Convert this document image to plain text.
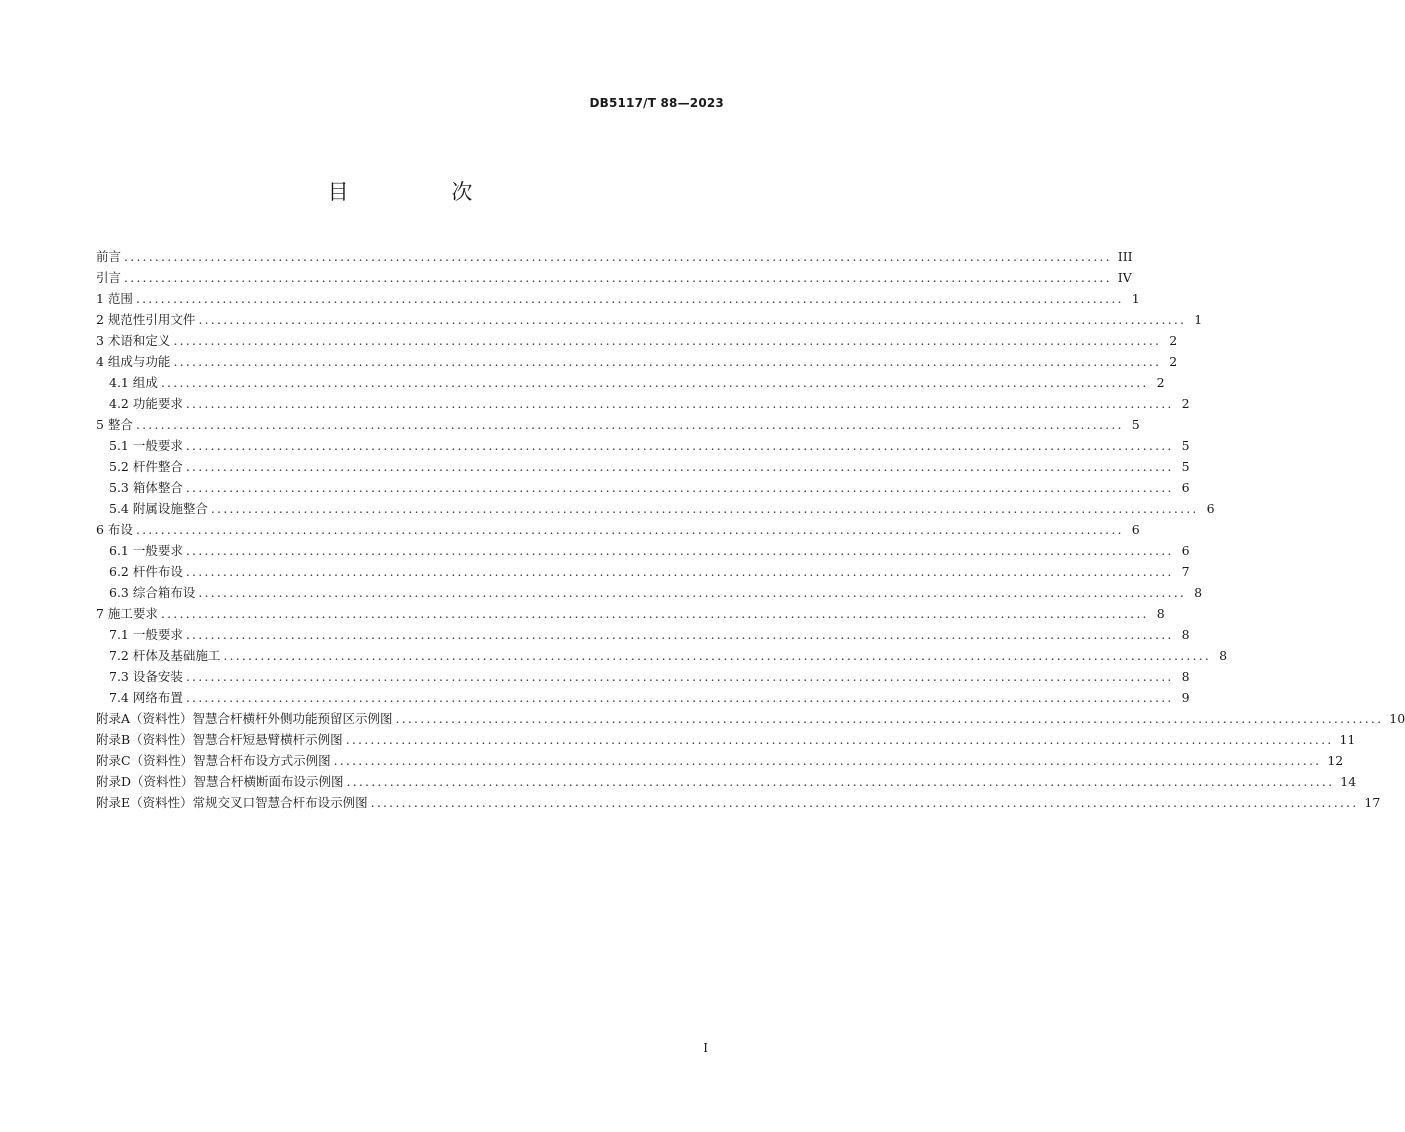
DB5117/T 88—2023
目 次
前言 ................................................................................................................................................................ III
引言 ................................................................................................................................................................ IV
1 范围 ................................................................................................................................................................ 1
2 规范性引用文件 ................................................................................................................................................................ 1
3 术语和定义 ................................................................................................................................................................ 2
4 组成与功能 ................................................................................................................................................................ 2
4.1 组成 ................................................................................................................................................................ 2
4.2 功能要求 ................................................................................................................................................................ 2
5 整合 ................................................................................................................................................................ 5
5.1 一般要求 ................................................................................................................................................................ 5
5.2 杆件整合 ................................................................................................................................................................ 5
5.3 箱体整合 ................................................................................................................................................................ 6
5.4 附属设施整合 ................................................................................................................................................................ 6
6 布设 ................................................................................................................................................................ 6
6.1 一般要求 ................................................................................................................................................................ 6
6.2 杆件布设 ................................................................................................................................................................ 7
6.3 综合箱布设 ................................................................................................................................................................ 8
7 施工要求 ................................................................................................................................................................ 8
7.1 一般要求 ................................................................................................................................................................ 8
7.2 杆体及基础施工 ................................................................................................................................................................ 8
7.3 设备安装 ................................................................................................................................................................ 8
7.4 网络布置 ................................................................................................................................................................ 9
附录A（资料性）智慧合杆横杆外侧功能预留区示例图 ................................................................................................................................................................ 10
附录B（资料性）智慧合杆短悬臂横杆示例图 ................................................................................................................................................................ 11
附录C（资料性）智慧合杆布设方式示例图 ................................................................................................................................................................ 12
附录D（资料性）智慧合杆横断面布设示例图 ................................................................................................................................................................ 14
附录E（资料性）常规交叉口智慧合杆布设示例图 ................................................................................................................................................................ 17
I
